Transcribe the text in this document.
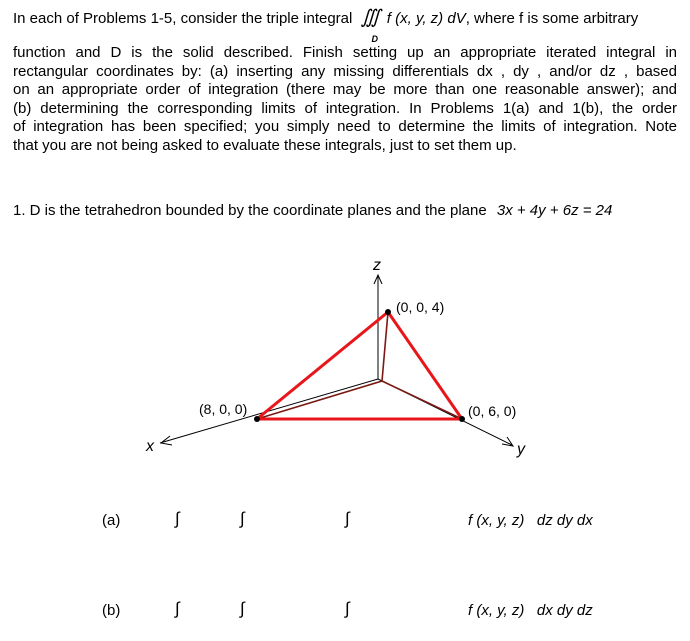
In each of Problems 1-5, consider the triple integral ∭
D
f (x, y, z) dV, where f is some arbitrary
function and D is the solid described. Finish setting up an appropriate iterated integral in
rectangular coordinates by: (a) inserting any missing differentials dx , dy , and/or dz , based
on an appropriate order of integration (there may be more than one reasonable answer); and
(b) determining the corresponding limits of integration. In Problems 1(a) and 1(b), the order
of integration has been specified; you simply need to determine the limits of integration. Note
that you are not being asked to evaluate these integrals, just to set them up.
1. D is the tetrahedron bounded by the coordinate planes and the plane 3x + 4y + 6z = 24
z
x	y
(0, 0, 4)
(8, 0, 0)	(0, 6, 0)
(a)	∫	∫	∫	f (x, y, z)   dz dy dx
(b)	∫	∫	∫	f (x, y, z)   dx dy dz
